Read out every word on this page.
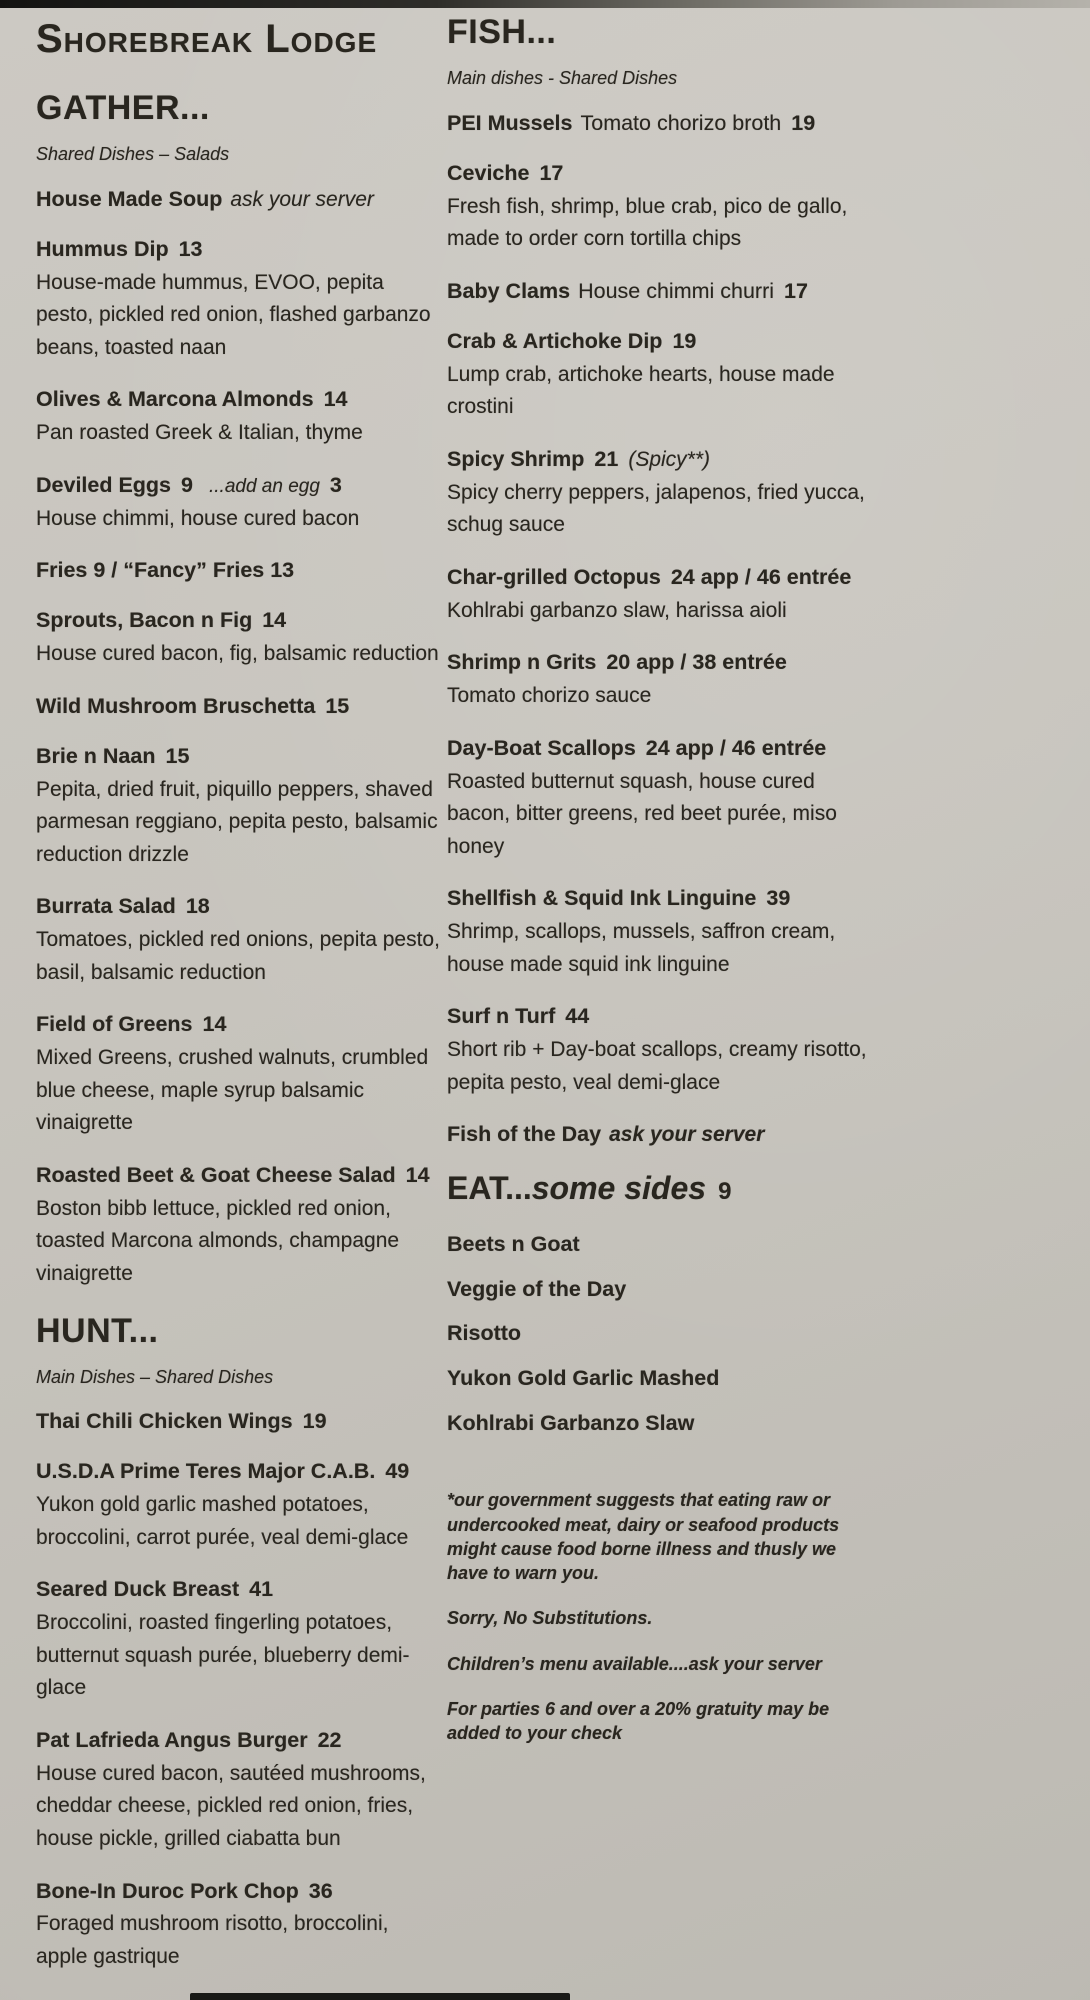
Shorebreak Lodge
GATHER...
Shared Dishes – Salads
House Made Soup ask your server
Hummus Dip 13
House-made hummus, EVOO, pepita pesto, pickled red onion, flashed garbanzo beans, toasted naan
Olives & Marcona Almonds 14
Pan roasted Greek & Italian, thyme
Deviled Eggs 9 ...add an egg 3
House chimmi, house cured bacon
Fries 9 / “Fancy” Fries 13
Sprouts, Bacon n Fig 14
House cured bacon, fig, balsamic reduction
Wild Mushroom Bruschetta 15
Brie n Naan 15
Pepita, dried fruit, piquillo peppers, shaved parmesan reggiano, pepita pesto, balsamic reduction drizzle
Burrata Salad 18
Tomatoes, pickled red onions, pepita pesto, basil, balsamic reduction
Field of Greens 14
Mixed Greens, crushed walnuts, crumbled blue cheese, maple syrup balsamic vinaigrette
Roasted Beet & Goat Cheese Salad 14
Boston bibb lettuce, pickled red onion, toasted Marcona almonds, champagne vinaigrette
HUNT...
Main Dishes – Shared Dishes
Thai Chili Chicken Wings 19
U.S.D.A Prime Teres Major C.A.B. 49
Yukon gold garlic mashed potatoes, broccolini, carrot purée, veal demi-glace
Seared Duck Breast 41
Broccolini, roasted fingerling potatoes, butternut squash purée, blueberry demi-glace
Pat Lafrieda Angus Burger 22
House cured bacon, sautéed mushrooms, cheddar cheese, pickled red onion, fries, house pickle, grilled ciabatta bun
Bone-In Duroc Pork Chop 36
Foraged mushroom risotto, broccolini, apple gastrique
FISH...
Main dishes - Shared Dishes
PEI Mussels Tomato chorizo broth 19
Ceviche 17
Fresh fish, shrimp, blue crab, pico de gallo, made to order corn tortilla chips
Baby Clams House chimmi churri 17
Crab & Artichoke Dip 19
Lump crab, artichoke hearts, house made crostini
Spicy Shrimp 21 (Spicy**)
Spicy cherry peppers, jalapenos, fried yucca, schug sauce
Char-grilled Octopus 24 app / 46 entrée
Kohlrabi garbanzo slaw, harissa aioli
Shrimp n Grits 20 app / 38 entrée
Tomato chorizo sauce
Day-Boat Scallops 24 app / 46 entrée
Roasted butternut squash, house cured bacon, bitter greens, red beet purée, miso honey
Shellfish & Squid Ink Linguine 39
Shrimp, scallops, mussels, saffron cream, house made squid ink linguine
Surf n Turf 44
Short rib + Day-boat scallops, creamy risotto, pepita pesto, veal demi-glace
Fish of the Day ask your server
EAT...some sides 9
Beets n Goat
Veggie of the Day
Risotto
Yukon Gold Garlic Mashed
Kohlrabi Garbanzo Slaw
*our government suggests that eating raw or undercooked meat, dairy or seafood products might cause food borne illness and thusly we have to warn you.
Sorry, No Substitutions.
Children’s menu available....ask your server
For parties 6 and over a 20% gratuity may be added to your check
